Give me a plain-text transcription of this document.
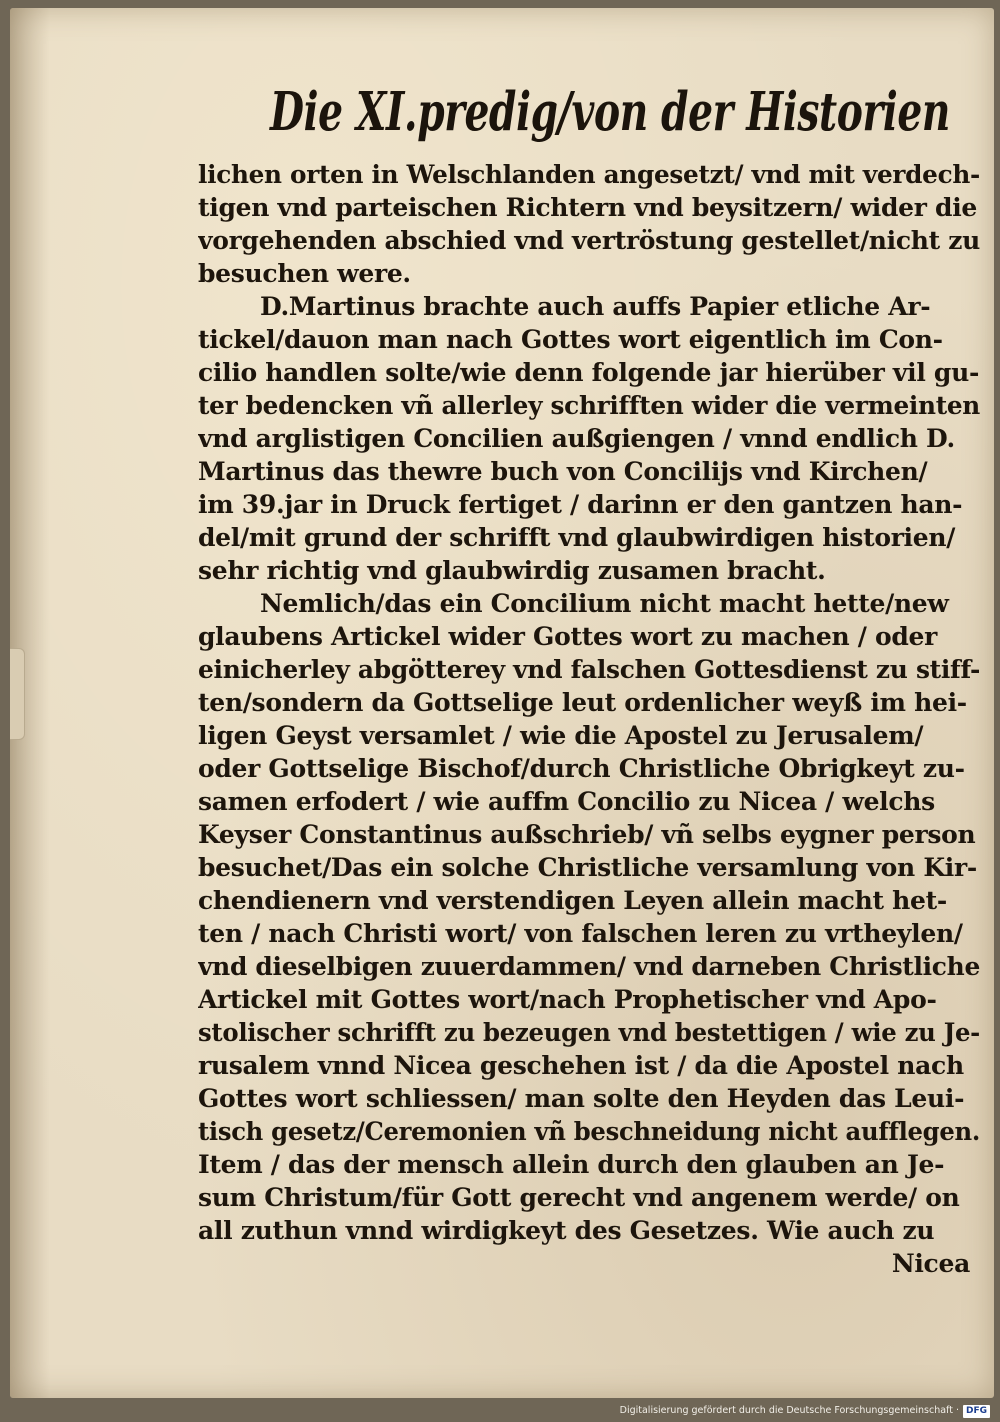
Die XI.predig/von der Historien
lichen orten in Welschlanden angesetzt/ vnd mit verdech-
tigen vnd parteischen Richtern vnd beysitzern/ wider die
vorgehenden abschied vnd vertröstung gestellet/nicht zu
besuchen were.
D.Martinus brachte auch auffs Papier etliche Ar-
tickel/dauon man nach Gottes wort eigentlich im Con-
cilio handlen solte/wie denn folgende jar hierüber vil gu-
ter bedencken vñ allerley schrifften wider die vermeinten
vnd arglistigen Concilien außgiengen / vnnd endlich D.
Martinus das thewre buch von Concilijs vnd Kirchen/
im 39.jar in Druck fertiget / darinn er den gantzen han-
del/mit grund der schrifft vnd glaubwirdigen historien/
sehr richtig vnd glaubwirdig zusamen bracht.
Nemlich/das ein Concilium nicht macht hette/new
glaubens Artickel wider Gottes wort zu machen / oder
einicherley abgötterey vnd falschen Gottesdienst zu stiff-
ten/sondern da Gottselige leut ordenlicher weyß im hei-
ligen Geyst versamlet / wie die Apostel zu Jerusalem/
oder Gottselige Bischof/durch Christliche Obrigkeyt zu-
samen erfodert / wie auffm Concilio zu Nicea / welchs
Keyser Constantinus außschrieb/ vñ selbs eygner person
besuchet/Das ein solche Christliche versamlung von Kir-
chendienern vnd verstendigen Leyen allein macht het-
ten / nach Christi wort/ von falschen leren zu vrtheylen/
vnd dieselbigen zuuerdammen/ vnd darneben Christliche
Artickel mit Gottes wort/nach Prophetischer vnd Apo-
stolischer schrifft zu bezeugen vnd bestettigen / wie zu Je-
rusalem vnnd Nicea geschehen ist / da die Apostel nach
Gottes wort schliessen/ man solte den Heyden das Leui-
tisch gesetz/Ceremonien vñ beschneidung nicht aufflegen.
Item / das der mensch allein durch den glauben an Je-
sum Christum/für Gott gerecht vnd angenem werde/ on
all zuthun vnnd wirdigkeyt des Gesetzes. Wie auch zu
Nicea
Digitalisierung gefördert durch die Deutsche Forschungsgemeinschaft · DFG
